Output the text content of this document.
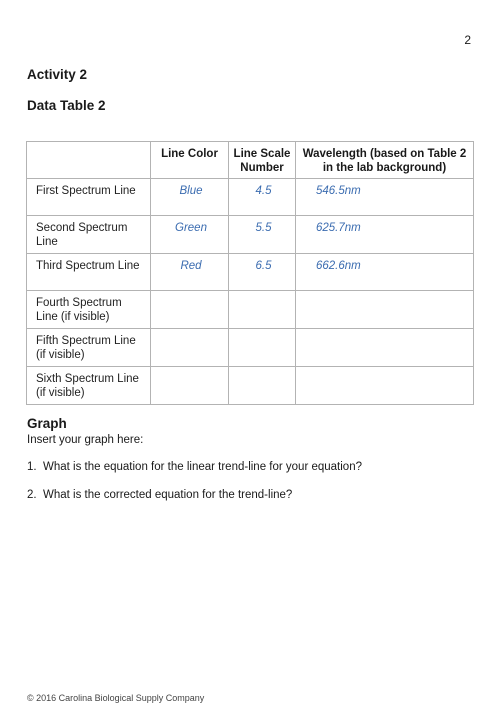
2
Activity 2
Data Table 2
	Line Color	Line Scale Number	Wavelength (based on Table 2 in the lab background)
First Spectrum Line	Blue	4.5	546.5nm
Second Spectrum Line	Green	5.5	625.7nm
Third Spectrum Line	Red	6.5	662.6nm
Fourth Spectrum Line (if visible)			
Fifth Spectrum Line (if visible)			
Sixth Spectrum Line (if visible)			
Graph

Insert your graph here:

1. What is the equation for the linear trend-line for your equation?

2. What is the corrected equation for the trend-line?

© 2016 Carolina Biological Supply Company
